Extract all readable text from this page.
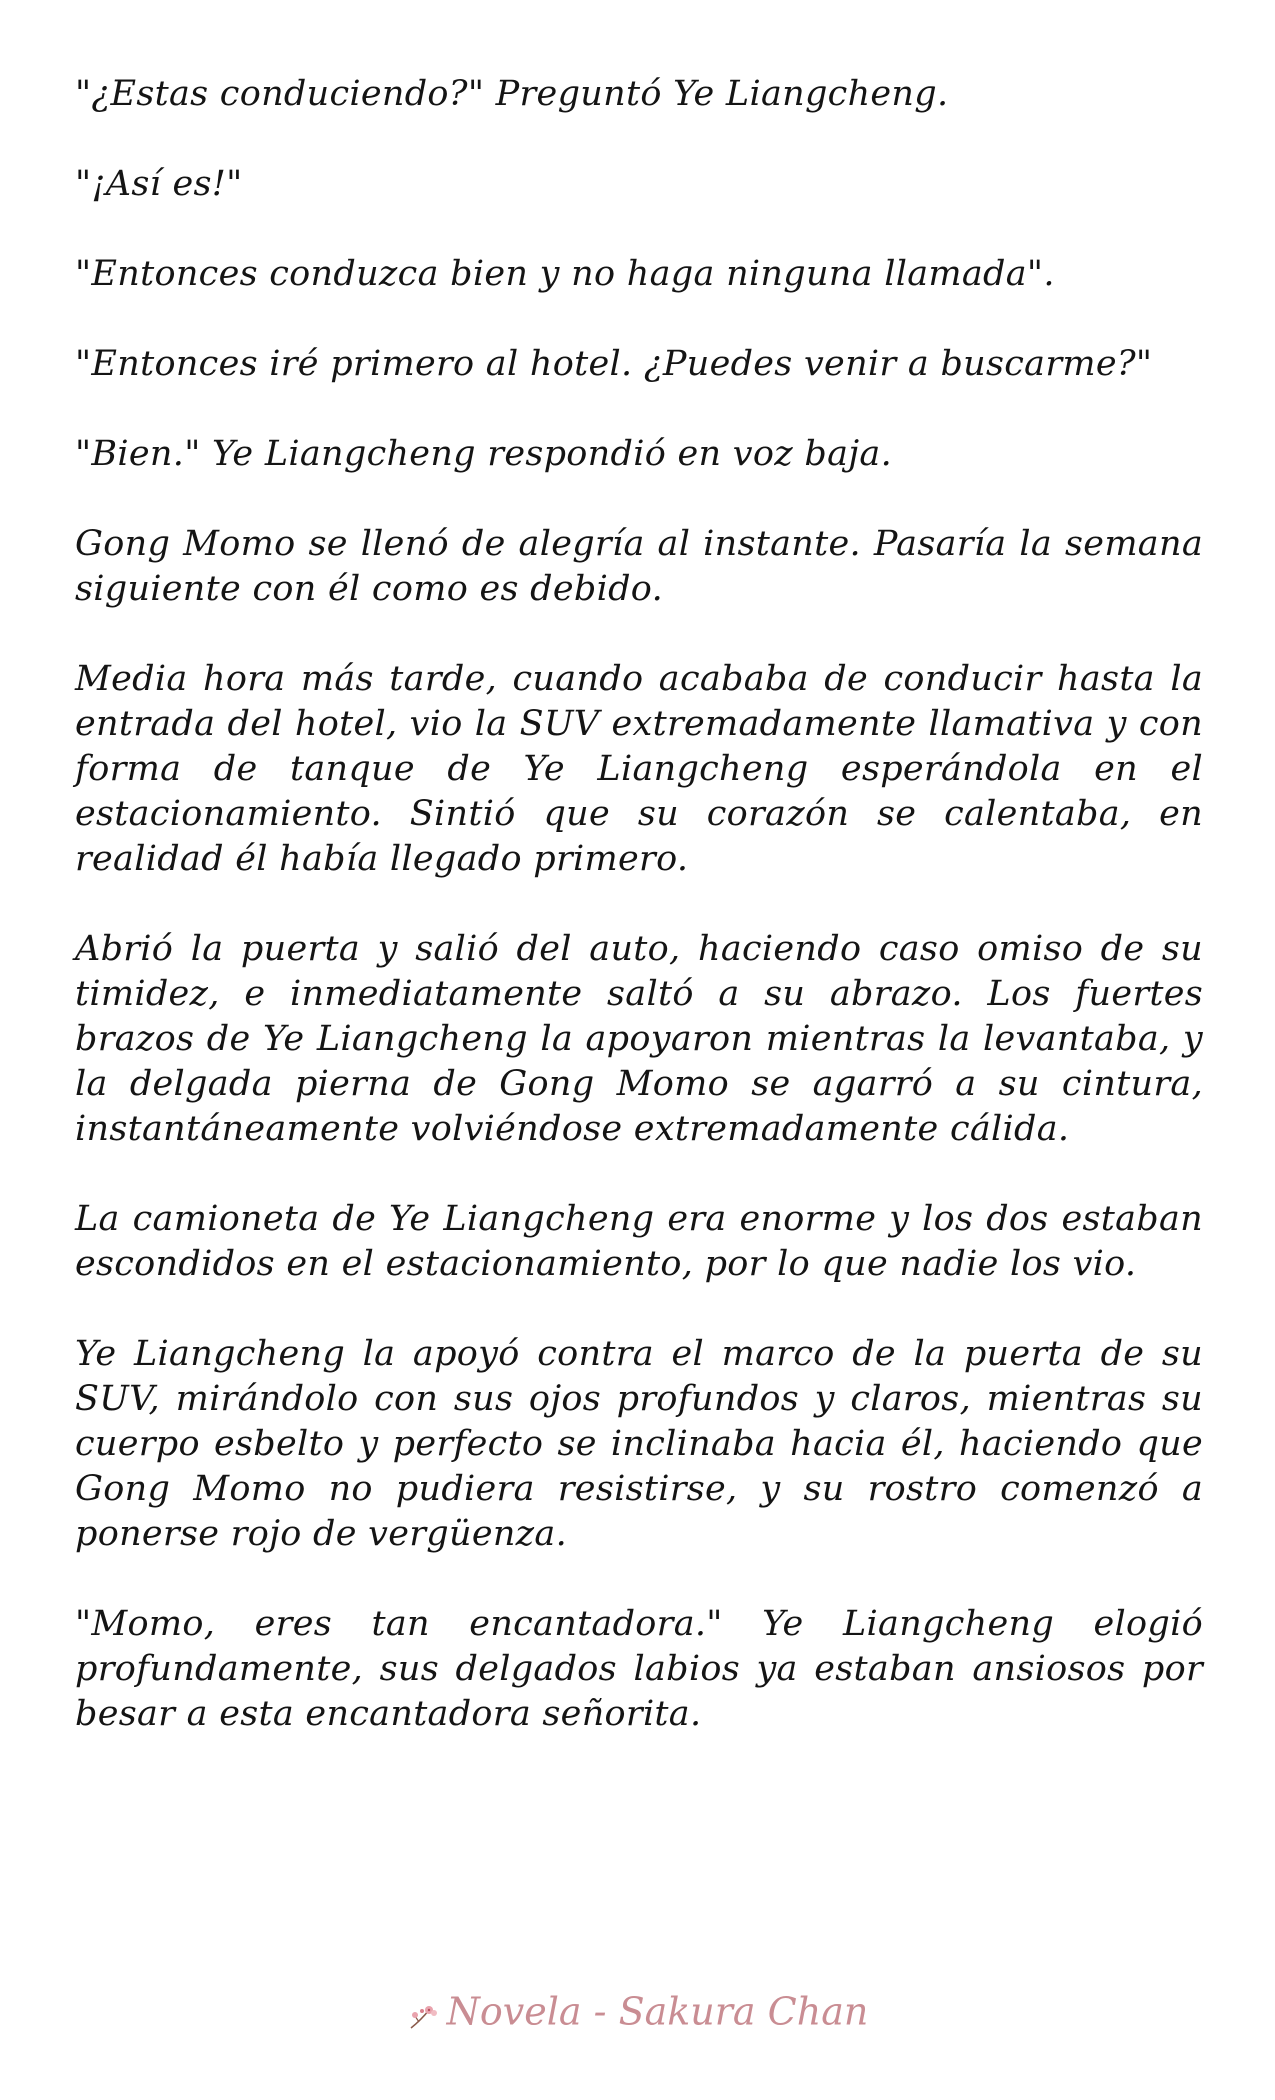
"¿Estas conduciendo?" Preguntó Ye Liangcheng.

"¡Así es!"

"Entonces conduzca bien y no haga ninguna llamada".

"Entonces iré primero al hotel. ¿Puedes venir a buscarme?"

"Bien." Ye Liangcheng respondió en voz baja.

Gong Momo se llenó de alegría al instante. Pasaría la semana siguiente con él como es debido.

Media hora más tarde, cuando acababa de conducir hasta la entrada del hotel, vio la SUV extremadamente llamativa y con forma de tanque de Ye Liangcheng esperándola en el estacionamiento. Sintió que su corazón se calentaba, en realidad él había llegado primero.

Abrió la puerta y salió del auto, haciendo caso omiso de su timidez, e inmediatamente saltó a su abrazo. Los fuertes brazos de Ye Liangcheng la apoyaron mientras la levantaba, y la delgada pierna de Gong Momo se agarró a su cintura, instantáneamente volviéndose extremadamente cálida.

La camioneta de Ye Liangcheng era enorme y los dos estaban escondidos en el estacionamiento, por lo que nadie los vio.

Ye Liangcheng la apoyó contra el marco de la puerta de su SUV, mirándolo con sus ojos profundos y claros, mientras su cuerpo esbelto y perfecto se inclinaba hacia él, haciendo que Gong Momo no pudiera resistirse, y su rostro comenzó a ponerse rojo de vergüenza.

"Momo, eres tan encantadora." Ye Liangcheng elogió profundamente, sus delgados labios ya estaban ansiosos por besar a esta encantadora señorita.

Novela - Sakura Chan
